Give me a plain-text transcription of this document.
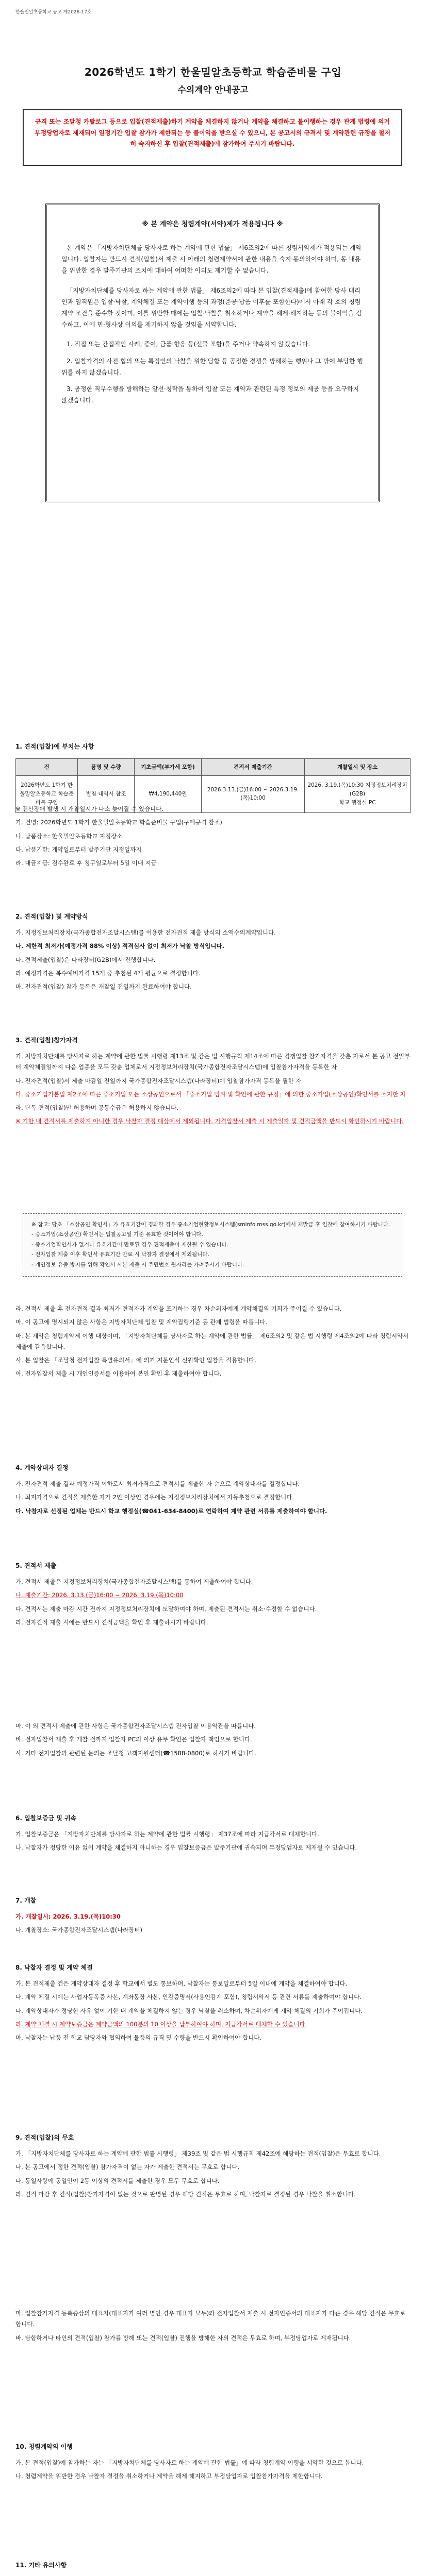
한율밀알초등학교 공고 제2026-17호
2026학년도 1학기 한울밀알초등학교 학습준비물 구입
수의계약 안내공고
규격 또는 조달청 카탈로그 등으로 입찰(견적제출)하기 계약을 체결하지 않거나 계약을 체결하고 불이행하는 경우 관계 법령에 의거 부정당업자로 제재되어 일정기간 입찰 참가가 제한되는 등 불이익을 받으실 수 있으니, 본 공고서의 규격서 및 계약관련 규정을 철저히 숙지하신 후 입찰(견적제출)에 참가하여 주시기 바랍니다.
※ 본 계약은 청렴계약(서약)제가 적용됩니다 ※

본 계약은 「지방자치단체를 당사자로 하는 계약에 관한 법률」 제6조의2에 따른 청렴서약제가 적용되는 계약입니다. 입찰자는 반드시 견적(입찰)서 제출 시 아래의 청렴계약서에 관한 내용을 숙지·동의하여야 하며, 동 내용을 위반한 경우 발주기관의 조치에 대하여 어떠한 이의도 제기할 수 없습니다.

「지방자치단체를 당사자로 하는 계약에 관한 법률」 제6조의2에 따라 본 입찰(견적제출)에 참여한 당사 대리인과 임직원은 입찰·낙찰, 계약체결 또는 계약이행 등의 과정(준공·납품 이후를 포함한다)에서 아래 각 호의 청렴계약 조건을 준수할 것이며, 이를 위반할 때에는 입찰·낙찰을 취소하거나 계약을 해제·해지하는 등의 불이익을 감수하고, 이에 민·형사상 이의를 제기하지 않을 것임을 서약합니다.

1. 직접 또는 간접적인 사례, 증여, 금품·향응 등(선물 포함)을 주거나 약속하지 않겠습니다.

2. 입찰가격의 사전 협의 또는 특정인의 낙찰을 위한 담합 등 공정한 경쟁을 방해하는 행위나 그 밖에 부당한 행위를 하지 않겠습니다.

3. 공정한 직무수행을 방해하는 알선·청탁을 통하여 입찰 또는 계약과 관련된 특정 정보의 제공 등을 요구하지 않겠습니다.

1. 견적(입찰)에 부치는 사항
건	품명 및 수량	기초금액(부가세 포함)	견적서 제출기간	개찰일시 및 장소
2026학년도 1학기 한울밀알초등학교 학습준비물 구입	별첨 내역서 참조	₩4,190,440원	2026.3.13.(금)16:00 ~ 2026.3.19.(목)10:00	2026. 3.19.(목)10:30 지정정보처리장치(G2B)
학교 행정실 PC

※ 전산장애 발생 시 개찰일시가 다소 늦어질 수 있습니다.

가. 건명: 2026학년도 1학기 한울밀알초등학교 학습준비물 구입(구매규격 참조)

나. 납품장소: 한울밀알초등학교 지정장소

다. 납품기한: 계약일로부터 발주기관 지정일까지

라. 대금지급: 검수완료 후 청구일로부터 5일 이내 지급

2. 견적(입찰) 및 계약방식

가. 지정정보처리장치(국가종합전자조달시스템)를 이용한 전자견적 제출 방식의 소액수의계약입니다.

나. 제한적 최저가(예정가격 88% 이상) 적격심사 없이 최저가 낙찰 방식입니다.

다. 견적제출(입찰)은 나라장터(G2B)에서 진행합니다.

라. 예정가격은 복수예비가격 15개 중 추첨된 4개 평균으로 결정합니다.

마. 전자견적(입찰) 참가 등록은 개찰일 전일까지 완료하여야 합니다.

3. 견적(입찰)참가자격

가. 지방자치단체를 당사자로 하는 계약에 관한 법률 시행령 제13조 및 같은 법 시행규칙 제14조에 따른 경쟁입찰 참가자격을 갖춘 자로서 본 공고 전일부터 계약체결일까지 다음 업종을 모두 갖춘 업체로서 지정정보처리장치(국가종합전자조달시스템)에 입찰참가자격을 등록한 자

나. 전자견적(입찰)서 제출 마감일 전일까지 국가종합전자조달시스템(나라장터)에 입찰참가자격 등록을 필한 자

다. 중소기업기본법 제2조에 따른 중소기업 또는 소상공인으로서 「중소기업 범위 및 확인에 관한 규정」에 의한 중소기업(소상공인)확인서를 소지한 자

라. 단독 견적(입찰)만 허용하며 공동수급은 허용하지 않습니다.

※ 기한 내 견적서를 제출하지 아니한 경우 낙찰자 결정 대상에서 제외됩니다. 가격입찰서 제출 시 제출일자 및 견적금액을 반드시 확인하시기 바랍니다.

※ 참고: 당초 「소상공인 확인서」가 유효기간이 경과한 경우 중소기업현황정보시스템(sminfo.mss.go.kr)에서 재발급 후 입찰에 참여하시기 바랍니다.

- 중소기업(소상공인) 확인서는 입찰공고일 기준 유효한 것이어야 합니다.

- 중소기업확인서가 없거나 유효기간이 만료된 경우 견적제출이 제한될 수 있습니다.

- 전자입찰 제출 이후 확인서 유효기간 만료 시 낙찰자 결정에서 제외됩니다.

- 개인정보 유출 방지를 위해 확인서 사본 제출 시 주민번호 뒷자리는 가려주시기 바랍니다.

라. 견적서 제출 후 전자견적 결과 최저가 견적자가 계약을 포기하는 경우 차순위자에게 계약체결의 기회가 주어질 수 있습니다.

마. 이 공고에 명시되지 않은 사항은 지방자치단체 입찰 및 계약집행기준 등 관계 법령을 따릅니다.

바. 본 계약은 청렴계약제 이행 대상이며, 「지방자치단체를 당사자로 하는 계약에 관한 법률」 제6조의2 및 같은 법 시행령 제4조의2에 따라 청렴서약서 제출에 갈음합니다.

사. 본 입찰은 「조달청 전자입찰 특별유의서」에 의거 지문인식 신원확인 입찰을 적용합니다.

아. 전자입찰서 제출 시 개인인증서를 이용하여 본인 확인 후 제출하여야 합니다.

4. 계약상대자 결정

가. 전자견적 제출 결과 예정가격 이하로서 최저가격으로 견적서를 제출한 자 순으로 계약상대자를 결정합니다.

나. 최저가격으로 견적을 제출한 자가 2인 이상인 경우에는 지정정보처리장치에서 자동추첨으로 결정합니다.

다. 낙찰자로 선정된 업체는 반드시 학교 행정실(☎041-634-8400)로 연락하여 계약 관련 서류를 제출하여야 합니다.

5. 견적서 제출

가. 견적서 제출은 지정정보처리장치(국가종합전자조달시스템)를 통하여 제출하여야 합니다.

나. 제출기간: 2026. 3.13.(금)16:00 ~ 2026. 3.19.(목)10:00

다. 견적서는 제출 마감 시간 전까지 지정정보처리장치에 도달하여야 하며, 제출된 견적서는 취소·수정할 수 없습니다.

라. 전자견적 제출 시에는 반드시 견적금액을 확인 후 제출하시기 바랍니다.

마. 이 외 견적서 제출에 관한 사항은 국가종합전자조달시스템 전자입찰 이용약관을 따릅니다.

바. 전자입찰서 제출 후 개찰 전까지 입찰자 PC의 이상 유무 확인은 입찰자 책임으로 합니다.

사. 기타 전자입찰과 관련된 문의는 조달청 고객지원센터(☎1588-0800)로 하시기 바랍니다.

6. 입찰보증금 및 귀속

가. 입찰보증금은 「지방자치단체를 당사자로 하는 계약에 관한 법률 시행령」 제37조에 따라 지급각서로 대체합니다.

나. 낙찰자가 정당한 이유 없이 계약을 체결하지 아니하는 경우 입찰보증금은 발주기관에 귀속되며 부정당업자로 제재될 수 있습니다.

7. 개찰

가. 개찰일시: 2026. 3.19.(목)10:30

나. 개찰장소: 국가종합전자조달시스템(나라장터)

8. 낙찰자 결정 및 계약 체결

가. 본 견적제출 건은 계약상대자 결정 후 학교에서 별도 통보하며, 낙찰자는 통보일로부터 5일 이내에 계약을 체결하여야 합니다.

나. 계약 체결 시에는 사업자등록증 사본, 계좌통장 사본, 인감증명서(사용인감계 포함), 청렴서약서 등 관련 서류를 제출하여야 합니다.

다. 계약상대자가 정당한 사유 없이 기한 내 계약을 체결하지 않는 경우 낙찰을 취소하며, 차순위자에게 계약 체결의 기회가 주어집니다.

라. 계약 체결 시 계약보증금은 계약금액의 100분의 10 이상을 납부하여야 하며, 지급각서로 대체할 수 있습니다.

마. 낙찰자는 납품 전 학교 담당자와 협의하여 물품의 규격 및 수량을 반드시 확인하여야 합니다.

9. 견적(입찰)의 무효

가. 「지방자치단체를 당사자로 하는 계약에 관한 법률 시행령」 제39조 및 같은 법 시행규칙 제42조에 해당하는 견적(입찰)은 무효로 합니다.

나. 본 공고에서 정한 견적(입찰) 참가자격이 없는 자가 제출한 견적서는 무효로 합니다.

다. 동일사항에 동일인이 2통 이상의 견적서를 제출한 경우 모두 무효로 합니다.

라. 견적 마감 후 견적(입찰)참가자격이 없는 것으로 판명된 경우 해당 견적은 무효로 하며, 낙찰자로 결정된 경우 낙찰을 취소합니다.

마. 입찰참가자격 등록증상의 대표자(대표자가 여러 명인 경우 대표자 모두)와 전자입찰서 제출 시 전자인증서의 대표자가 다른 경우 해당 견적은 무효로 합니다.

바. 담합하거나 타인의 견적(입찰) 참가를 방해 또는 견적(입찰) 진행을 방해한 자의 견적은 무효로 하며, 부정당업자로 제재됩니다.

10. 청렴계약의 이행

가. 본 견적(입찰)에 참가하는 자는 「지방자치단체를 당사자로 하는 계약에 관한 법률」에 따라 청렴계약 이행을 서약한 것으로 봅니다.

나. 청렴계약을 위반한 경우 낙찰자 결정을 취소하거나 계약을 해제·해지하고 부정당업자로 입찰참가자격을 제한합니다.

11. 기타 유의사항
